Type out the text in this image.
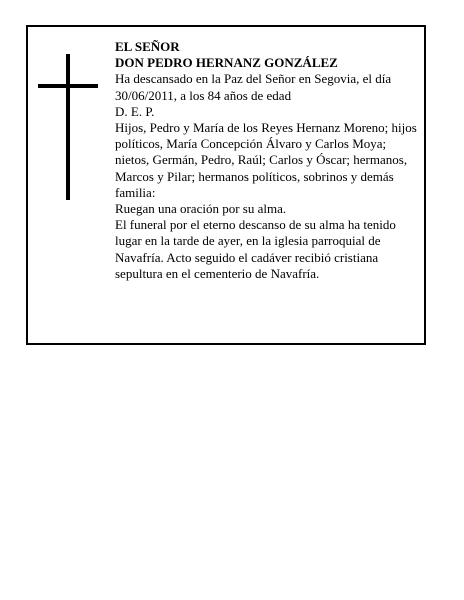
EL SEÑOR

DON PEDRO HERNANZ GONZÁLEZ

Ha descansado en la Paz del Señor en Segovia, el día 30/06/2011, a los 84 años de edad

D. E. P.

Hijos, Pedro y María de los Reyes Hernanz Moreno; hijos políticos, María Concepción Álvaro y Carlos Moya; nietos, Germán, Pedro, Raúl; Carlos y Óscar; hermanos, Marcos y Pilar; hermanos políticos, sobrinos y demás familia:

Ruegan una oración por su alma.

El funeral por el eterno descanso de su alma ha tenido lugar en la tarde de ayer, en la iglesia parroquial de Navafría. Acto seguido el cadáver recibió cristiana sepultura en el cementerio de Navafría.
